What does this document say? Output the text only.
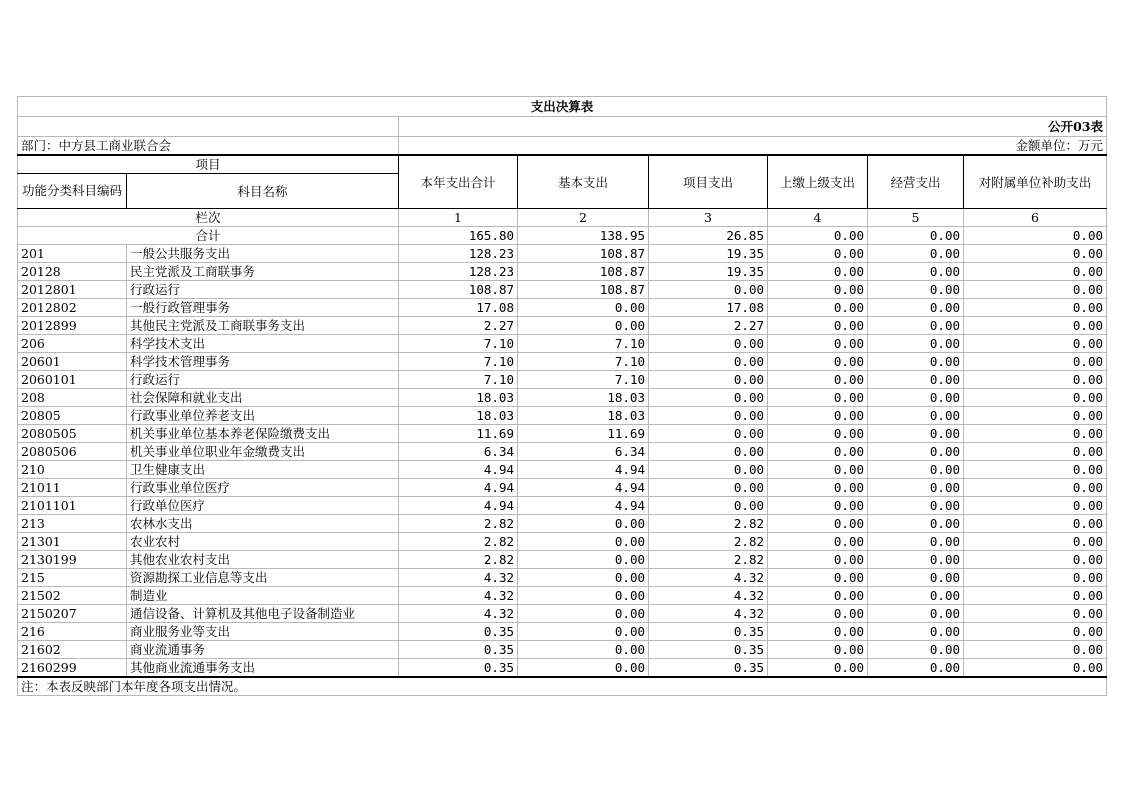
支出决算表							
		公开03表					
部门：中方县工商业联合会		金额单位：万元					
项目		本年支出合计	基本支出	项目支出	上缴上级支出	经营支出	对附属单位补助支出
功能分类科目编码	科目名称						
栏次		1	2	3	4	5	6
合计		165.80	138.95	26.85	0.00	0.00	0.00
201	一般公共服务支出	128.23	108.87	19.35	0.00	0.00	0.00
20128	民主党派及工商联事务	128.23	108.87	19.35	0.00	0.00	0.00
2012801	行政运行	108.87	108.87	0.00	0.00	0.00	0.00
2012802	一般行政管理事务	17.08	0.00	17.08	0.00	0.00	0.00
2012899	其他民主党派及工商联事务支出	2.27	0.00	2.27	0.00	0.00	0.00
206	科学技术支出	7.10	7.10	0.00	0.00	0.00	0.00
20601	科学技术管理事务	7.10	7.10	0.00	0.00	0.00	0.00
2060101	行政运行	7.10	7.10	0.00	0.00	0.00	0.00
208	社会保障和就业支出	18.03	18.03	0.00	0.00	0.00	0.00
20805	行政事业单位养老支出	18.03	18.03	0.00	0.00	0.00	0.00
2080505	机关事业单位基本养老保险缴费支出	11.69	11.69	0.00	0.00	0.00	0.00
2080506	机关事业单位职业年金缴费支出	6.34	6.34	0.00	0.00	0.00	0.00
210	卫生健康支出	4.94	4.94	0.00	0.00	0.00	0.00
21011	行政事业单位医疗	4.94	4.94	0.00	0.00	0.00	0.00
2101101	行政单位医疗	4.94	4.94	0.00	0.00	0.00	0.00
213	农林水支出	2.82	0.00	2.82	0.00	0.00	0.00
21301	农业农村	2.82	0.00	2.82	0.00	0.00	0.00
2130199	其他农业农村支出	2.82	0.00	2.82	0.00	0.00	0.00
215	资源勘探工业信息等支出	4.32	0.00	4.32	0.00	0.00	0.00
21502	制造业	4.32	0.00	4.32	0.00	0.00	0.00
2150207	通信设备、计算机及其他电子设备制造业	4.32	0.00	4.32	0.00	0.00	0.00
216	商业服务业等支出	0.35	0.00	0.35	0.00	0.00	0.00
21602	商业流通事务	0.35	0.00	0.35	0.00	0.00	0.00
2160299	其他商业流通事务支出	0.35	0.00	0.35	0.00	0.00	0.00
注：本表反映部门本年度各项支出情况。							
